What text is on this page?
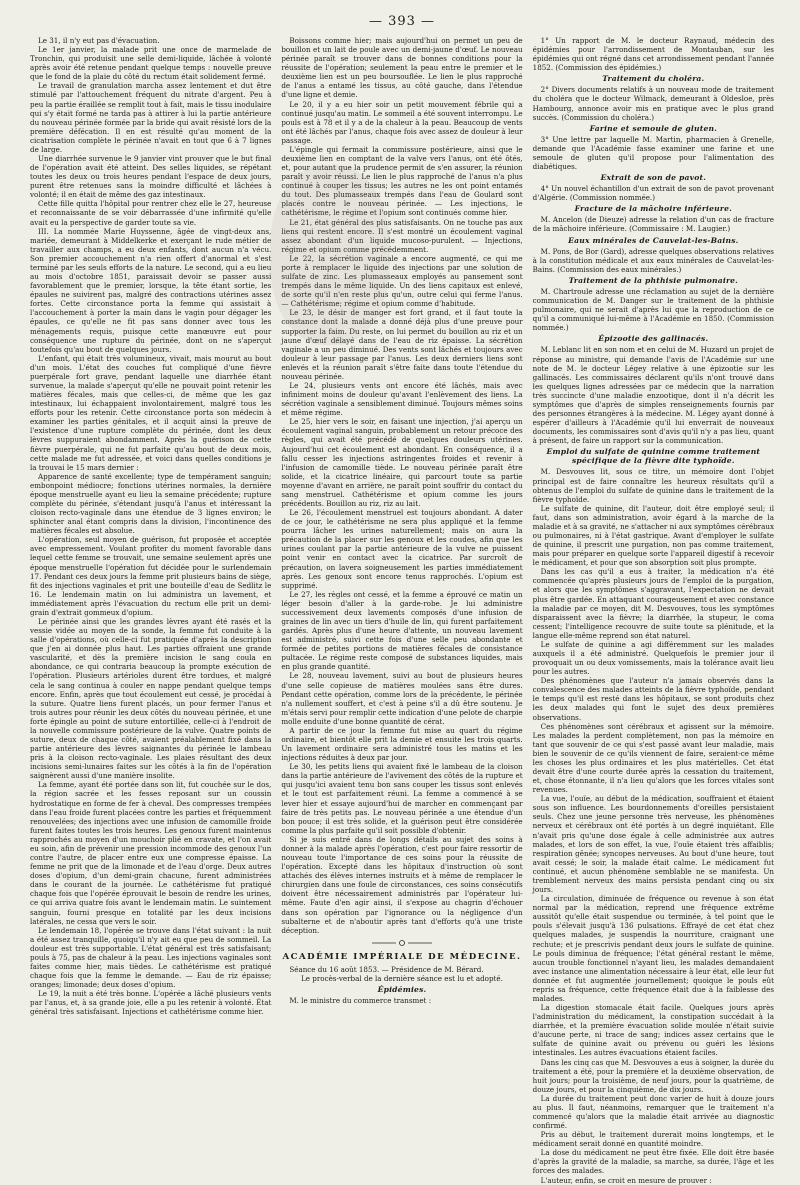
— 393 —

Le 31, il n'y eut pas d'évacuation.

Le 1er janvier, la malade prit une once de marmelade de Tronchin, qui produisit une selle demi-liquide, lâchée à volonté après avoir été retenue pendant quelque temps : nouvelle preuve que le fond de la plaie du côté du rectum était solidement fermé.

Le travail de granulation marcha assez lentement et dut être stimulé par l'attouchement fréquent du nitrate d'argent. Peu à peu la partie éraillée se remplit tout à fait, mais le tissu inodulaire qui s'y était formé ne tarda pas à attirer à lui la partie antérieure du nouveau périnée formée par la bride qui avait résisté lors de la première défécation. Il en est résulté qu'au moment de la cicatrisation complète le périnée n'avait en tout que 6 à 7 lignes de large.

Une diarrhée survenue le 9 janvier vint prouver que le but final de l'opération avait été atteint. Des selles liquides, se répétant toutes les deux ou trois heures pendant l'espace de deux jours, purent être retenues sans la moindre difficulté et lâchées à volonté; il en était de même des gaz intestinaux.

Cette fille quitta l'hôpital pour rentrer chez elle le 27, heureuse et reconnaissante de se voir débarrassée d'une infirmité qu'elle avait eu la perspective de garder toute sa vie.

III. La nommée Marie Huyssenne, âgée de vingt-deux ans, mariée, demeurant à Middelkerke et exerçant le rude métier de travailler aux champs, a eu deux enfants, dont aucun n'a vécu. Son premier accouchement n'a rien offert d'anormal et s'est terminé par les seuls efforts de la nature. Le second, qui a eu lieu au mois d'octobre 1851, paraissait devoir se passer aussi favorablement que le premier, lorsque, la tête étant sortie, les épaules ne suivirent pas, malgré des contractions utérines assez fortes. Cette circonstance porta la femme qui assistait à l'accouchement à porter la main dans le vagin pour dégager les épaules, ce qu'elle ne fit pas sans donner avec tous les ménagements requis, puisque cette manœuvre eut pour conséquence une rupture du périnée, dont on ne s'aperçut toutefois qu'au bout de quelques jours.

L'enfant, qui était très volumineux, vivait, mais mourut au bout d'un mois. L'état des couches fut compliqué d'une fièvre puerpérale fort grave, pendant laquelle une diarrhée étant survenue, la malade s'aperçut qu'elle ne pouvait point retenir les matières fécales, mais que celles-ci, de même que les gaz intestinaux, lui échappaient involontairement, malgré tous les efforts pour les retenir. Cette circonstance porta son médecin à examiner les parties génitales, et il acquit ainsi la preuve de l'existence d'une rupture complète du périnée, dont les deux lèvres suppuraient abondamment. Après la guérison de cette fièvre puerpérale, qui ne fut parfaite qu'au bout de deux mois, cette malade me fut adressée, et voici dans quelles conditions je la trouvai le 15 mars dernier :

Apparence de santé excellente; type de tempérament sanguin; embonpoint médiocre; fonctions utérines normales, la dernière époque menstruelle ayant eu lieu la semaine précédente; rupture complète du périnée, s'étendant jusqu'à l'anus et intéressant la cloison recto-vaginale dans une étendue de 3 lignes environ; le sphincter anal étant compris dans la division, l'incontinence des matières fécales est absolue.

L'opération, seul moyen de guérison, fut proposée et acceptée avec empressement. Voulant profiter du moment favorable dans lequel cette femme se trouvait, une semaine seulement après une époque menstruelle l'opération fut décidée pour le surlendemain 17. Pendant ces deux jours la femme prit plusieurs bains de siège, fit des injections vaginales et prit une bouteille d'eau de Sedlitz le 16. Le lendemain matin on lui administra un lavement, et immédiatement après l'évacuation du rectum elle prit un demi-grain d'extrait gommeux d'opium.

Le périnée ainsi que les grandes lèvres ayant été rasés et la vessie vidée au moyen de la sonde, la femme fut conduite à la salle d'opérations, où celle-ci fut pratiquée d'après la description que j'en ai donnée plus haut. Les parties offraient une grande vascularité, et dès la première incision le sang coula en abondance, ce qui contraria beaucoup la prompte exécution de l'opération. Plusieurs artérioles durent être tordues, et malgré cela le sang continua à couler en nappe pendant quelque temps encore. Enfin, après que tout écoulement eut cessé, je procédai à la suture. Quatre liens furent placés, un pour fermer l'anus et trois autres pour réunir les deux côtés du nouveau périnée, et une forte épingle au point de suture entortillée, celle-ci à l'endroit de la nouvelle commissure postérieure de la vulve. Quatre points de suture, deux de chaque côté, avaient préalablement fixé dans la partie antérieure des lèvres saignantes du périnée le lambeau pris à la cloison recto-vaginale. Les plaies résultant des deux incisions semi-lunaires faites sur les côtés à la fin de l'opération saignèrent aussi d'une manière insolite.

La femme, ayant été portée dans son lit, fut couchée sur le dos, la région sacrée et les fesses reposant sur un coussin hydrostatique en forme de fer à cheval. Des compresses trempées dans l'eau froide furent placées contre les parties et fréquemment renouvelées; des injections avec une infusion de camomille froide furent faites toutes les trois heures. Les genoux furent maintenus rapprochés au moyen d'un mouchoir plié en cravate, et l'on avait eu soin, afin de prévenir une pression incommode des genoux l'un contre l'autre, de placer entre eux une compresse épaisse. La femme ne prit que de la limonade et de l'eau d'orge. Deux autres doses d'opium, d'un demi-grain chacune, furent administrées dans le courant de la journée. Le cathétérisme fut pratiqué chaque fois que l'opérée éprouvait le besoin de rendre les urines, ce qui arriva quatre fois avant le lendemain matin. Le suintement sanguin, fourni presque en totalité par les deux incisions latérales, ne cessa que vers le soir.

Le lendemain 18, l'opérée se trouve dans l'état suivant : la nuit a été assez tranquille, quoiqu'il n'y ait eu que peu de sommeil. La douleur est très supportable. L'état général est très satisfaisant; pouls à 75, pas de chaleur à la peau. Les injections vaginales sont faites comme hier, mais tièdes. Le cathétérisme est pratiqué chaque fois que la femme le demande. — Eau de riz épaisse; oranges; limonade; deux doses d'opium.

Le 19, la nuit a été très bonne. L'opérée a lâché plusieurs vents par l'anus, et, à sa grande joie, elle a pu les retenir à volonté. État général très satisfaisant. Injections et cathétérisme comme hier.

Boissons comme hier; mais aujourd'hui on permet un peu de bouillon et un lait de poule avec un demi-jaune d'œuf. Le nouveau périnée paraît se trouver dans de bonnes conditions pour la réussite de l'opération; seulement la peau entre le premier et le deuxième lien est un peu boursouflée. Le lien le plus rapproché de l'anus a entamé les tissus, au côté gauche, dans l'étendue d'une ligne et demie.

Le 20, il y a eu hier soir un petit mouvement fébrile qui a continué jusqu'au matin. Le sommeil a été souvent interrompu. Le pouls est à 78 et il y a de la chaleur à la peau. Beaucoup de vents ont été lâchés par l'anus, chaque fois avec assez de douleur à leur passage.

L'épingle qui fermait la commissure postérieure, ainsi que le deuxième lien en comptant de la valve vers l'anus, ont été ôtés, et, pour autant que la prudence permit de s'en assurer, la réunion paraît y avoir réussi. Le lien le plus rapproché de l'anus n'a plus continué à couper les tissus; les autres ne les ont point entamés du tout. Des plumasseaux trempés dans l'eau de Goulard sont placés contre le nouveau périnée. — Les injections, le cathétérisme, le régime et l'opium sont continués comme hier.

Le 21, état général des plus satisfaisants. On ne touche pas aux liens qui restent encore. Il s'est montré un écoulement vaginal assez abondant d'un liquide mucoso-purulent. — Injections, régime et opium comme précédemment.

Le 22, la sécrétion vaginale a encore augmenté, ce qui me porte à remplacer le liquide des injections par une solution de sulfate de zinc. Les plumasseaux employés au pansement sont trempés dans le même liquide. Un des liens capitaux est enlevé, de sorte qu'il n'en reste plus qu'un, outre celui qui ferme l'anus. — Cathétérisme; régime et opium comme d'habitude.

Le 23, le désir de manger est fort grand, et il faut toute la constance dont la malade a donné déjà plus d'une preuve pour supporter la faim. Du reste, on lui permet du bouillon au riz et un jaune d'œuf délayé dans de l'eau de riz épaisse. La sécrétion vaginale a un peu diminué. Des vents sont lâchés et toujours avec douleur à leur passage par l'anus. Les deux derniers liens sont enlevés et la réunion paraît s'être faite dans toute l'étendue du nouveau périnée.

Le 24, plusieurs vents ont encore été lâchés, mais avec infiniment moins de douleur qu'avant l'enlèvement des liens. La sécrétion vaginale a sensiblement diminué. Toujours mêmes soins et même régime.

Le 25, hier vers le soir, en faisant une injection, j'ai aperçu un écoulement vaginal sanguin, probablement un retour précoce des règles, qui avait été précédé de quelques douleurs utérines. Aujourd'hui cet écoulement est abondant. En conséquence, il a fallu cesser les injections astringentes froides et revenir à l'infusion de camomille tiède. Le nouveau périnée paraît être solide, et la cicatrice linéaire, qui parcourt toute sa partie moyenne d'avant en arrière, ne paraît point souffrir du contact du sang menstruel. Cathétérisme et opium comme les jours précédents. Bouillon au riz, riz au lait.

Le 26, l'écoulement menstruel est toujours abondant. A dater de ce jour, le cathétérisme ne sera plus appliqué et la femme pourra lâcher les urines naturellement; mais on aura la précaution de la placer sur les genoux et les coudes, afin que les urines coulant par la partie antérieure de la vulve ne puissent point venir en contact avec la cicatrice. Par surcroît de précaution, on lavera soigneusement les parties immédiatement après. Les genoux sont encore tenus rapprochés. L'opium est supprimé.

Le 27, les règles ont cessé, et la femme a éprouvé ce matin un léger besoin d'aller à la garde-robe. Je lui administre successivement deux lavements composés d'une infusion de graines de lin avec un tiers d'huile de lin, qui furent parfaitement gardés. Après plus d'une heure d'attente, un nouveau lavement est administré, suivi cette fois d'une selle peu abondante et formée de petites portions de matières fécales de consistance pultacée. Le régime reste composé de substances liquides, mais en plus grande quantité.

Le 28, nouveau lavement, suivi au bout de plusieurs heures d'une selle copieuse de matières moulées sans être dures. Pendant cette opération, comme lors de la précédente, le périnée n'a nullement souffert, et c'est à peine s'il a dû être soutenu. Je m'étais servi pour remplir cette indication d'une pelote de charpie molle enduite d'une bonne quantité de cérat.

A partir de ce jour la femme fut mise au quart du régime ordinaire, et bientôt elle prit la demie et ensuite les trois quarts. Un lavement ordinaire sera administré tous les matins et les injections réduites à deux par jour.

Le 30, les petits liens qui avaient fixé le lambeau de la cloison dans la partie antérieure de l'avivement des côtés de la rupture et qui jusqu'ici avaient tenu bon sans couper les tissus sont enlevés et le tout est parfaitement réuni. La femme a commencé à se lever hier et essaye aujourd'hui de marcher en commençant par faire de très petits pas. Le nouveau périnée a une étendue d'un bon pouce; il est très solide, et la guérison peut être considérée comme la plus parfaite qu'il soit possible d'obtenir.

Si je suis entré dans de longs détails au sujet des soins à donner à la malade après l'opération, c'est pour faire ressortir de nouveau toute l'importance de ces soins pour la réussite de l'opération. Excepté dans les hôpitaux d'instruction où sont attachés des élèves internes instruits et à même de remplacer le chirurgien dans une foule de circonstances, ces soins consécutifs doivent être nécessairement administrés par l'opérateur lui-même. Faute d'en agir ainsi, il s'expose au chagrin d'échouer dans son opération par l'ignorance ou la négligence d'un subalterne et de n'aboutir après tant d'efforts qu'à une triste déception.

ACADÉMIE IMPÉRIALE DE MÉDECINE.

Séance du 16 août 1853. — Présidence de M. Bérard.

Le procès-verbal de la dernière séance est lu et adopté.

Épidémies.

M. le ministre du commerce transmet :

1° Un rapport de M. le docteur Raynaud, médecin des épidémies pour l'arrondissement de Montauban, sur les épidémies qui ont régné dans cet arrondissement pendant l'année 1852. (Commission des épidémies.)

Traitement du choléra.

2° Divers documents relatifs à un nouveau mode de traitement du choléra que le docteur Wilmack, demeurant à Oldesloe, près Hambourg, annonce avoir mis en pratique avec le plus grand succès. (Commission du choléra.)

Farine et semoule de gluten.

3° Une lettre par laquelle M. Martin, pharmacien à Grenelle, demande que l'Académie fasse examiner une farine et une semoule de gluten qu'il propose pour l'alimentation des diabétiques.

Extrait de son de pavot.

4° Un nouvel échantillon d'un extrait de son de pavot provenant d'Algérie. (Commission nommée.)

Fracture de la mâchoire inférieure.

M. Ancelon (de Dieuze) adresse la relation d'un cas de fracture de la mâchoire inférieure. (Commissaire : M. Laugier.)

Eaux minérales de Cauvelat-les-Bains.

M. Pons, de Bor (Gard), adresse quelques observations relatives à la constitution médicale et aux eaux minérales de Cauvelat-les-Bains. (Commission des eaux minérales.)

Traitement de la phthisie pulmonaire.

M. Chartroule adresse une réclamation au sujet de la dernière communication de M. Danger sur le traitement de la phthisie pulmonaire, qui ne serait d'après lui que la reproduction de ce qu'il a communiqué lui-même à l'Académie en 1850. (Commission nommée.)

Épizootie des gallinacés.

M. Leblanc lit en son nom et en celui de M. Huzard un projet de réponse au ministre, qui demande l'avis de l'Académie sur une note de M. le docteur Légey relative à une épizootie sur les gallinacés. Les commissaires déclarent qu'ils n'ont trouvé dans les quelques lignes adressées par ce médecin que la narration très succincte d'une maladie enzootique, dont il n'a décrit les symptômes que d'après de simples renseignements fournis par des personnes étrangères à la médecine. M. Légey ayant donné à espérer d'ailleurs à l'Académie qu'il lui enverrait de nouveaux documents, les commissaires sont d'avis qu'il n'y a pas lieu, quant à présent, de faire un rapport sur la communication.

Emploi du sulfate de quinine comme traitement spécifique de la fièvre dite typhoïde.

M. Desvouves lit, sous ce titre, un mémoire dont l'objet principal est de faire connaître les heureux résultats qu'il a obtenus de l'emploi du sulfate de quinine dans le traitement de la fièvre typhoïde.

Le sulfate de quinine, dit l'auteur, doit être employé seul; il faut, dans son administration, avoir égard à la marche de la maladie et à sa gravité, ne s'attacher ni aux symptômes cérébraux ou pulmonaires, ni à l'état gastrique. Avant d'employer le sulfate de quinine, il prescrit une purgation, non pas comme traitement, mais pour préparer en quelque sorte l'appareil digestif à recevoir le médicament, et pour que son absorption soit plus prompte.

Dans les cas qu'il a eus à traiter, la médication n'a été commencée qu'après plusieurs jours de l'emploi de la purgation, et alors que les symptômes s'aggravant, l'expectation ne devait plus être gardée. En attaquant courageusement et avec constance la maladie par ce moyen, dit M. Desvouves, tous les symptômes disparaissent avec la fièvre; la diarrhée, la stupeur, le coma cessent; l'intelligence recouvre de suite toute sa plénitude, et la langue elle-même reprend son état naturel.

Le sulfate de quinine a agi différemment sur les malades auxquels il a été administré. Quelquefois le premier jour il provoquait un ou deux vomissements, mais la tolérance avait lieu pour les autres.

Des phénomènes que l'auteur n'a jamais observés dans la convalescence des malades atteints de la fièvre typhoïde, pendant le temps qu'il est resté dans les hôpitaux, se sont produits chez les deux malades qui font le sujet des deux premières observations.

Ces phénomènes sont cérébraux et agissent sur la mémoire. Les malades la perdent complètement, non pas la mémoire en tant que souvenir de ce qui s'est passé avant leur maladie, mais bien le souvenir de ce qu'ils viennent de faire, seraient-ce même les choses les plus ordinaires et les plus matérielles. Cet état devait être d'une courte durée après la cessation du traitement, et, chose étonnante, il n'a lieu qu'alors que les forces vitales sont revenues.

La vue, l'ouïe, au début de la médication, souffraient et étaient sous son influence. Les bourdonnements d'oreilles persistaient seuls. Chez une jeune personne très nerveuse, les phénomènes nerveux et cérébraux ont été portés à un degré inquiétant. Elle n'avait pris qu'une dose égale à celle administrée aux autres malades, et lors de son effet, la vue, l'ouïe étaient très affaiblis; respiration gênée; syncopes nerveuses. Au bout d'une heure, tout avait cessé; le soir, la malade était calme. Le médicament fut continué, et aucun phénomène semblable ne se manifesta. Un tremblement nerveux des mains persista pendant cinq ou six jours.

La circulation, diminuée de fréquence ou revenue à son état normal par la médication, reprend une fréquence extrême aussitôt qu'elle était suspendue ou terminée, à tel point que le pouls s'élevait jusqu'à 136 pulsations. Effrayé de cet état chez quelques malades, je suspendis la nourriture, craignant une rechute; et je prescrivis pendant deux jours le sulfate de quinine. Le pouls diminua de fréquence; l'état général restant le même, aucun trouble fonctionnel n'ayant lieu, les malades demandaient avec instance une alimentation nécessaire à leur état, elle leur fut donnée et fut augmentée journellement; quoique le pouls eût repris sa fréquence, cette fréquence était due à la faiblesse des malades.

La digestion stomacale était facile. Quelques jours après l'administration du médicament, la constipation succédait à la diarrhée, et la première évacuation solide moulée n'était suivie d'aucune perte, ni trace de sang; indices assez certains que le sulfate de quinine avait ou prévenu ou guéri les lésions intestinales. Les autres évacuations étaient faciles.

Dans les cinq cas que M. Desvouves a eus à soigner, la durée du traitement a été, pour la première et la deuxième observation, de huit jours; pour la troisième, de neuf jours, pour la quatrième, de douze jours, et pour la cinquième, de dix jours.

La durée du traitement peut donc varier de huit à douze jours au plus. Il faut, néanmoins, remarquer que le traitement n'a commencé qu'alors que la maladie était arrivée au diagnostic confirmé.

Pris au début, le traitement durerait moins longtemps, et le médicament serait donné en quantité moindre.

La dose du médicament ne peut être fixée. Elle doit être basée d'après la gravité de la maladie, sa marche, sa durée, l'âge et les forces des malades.

L'auteur, enfin, se croit en mesure de prouver :
